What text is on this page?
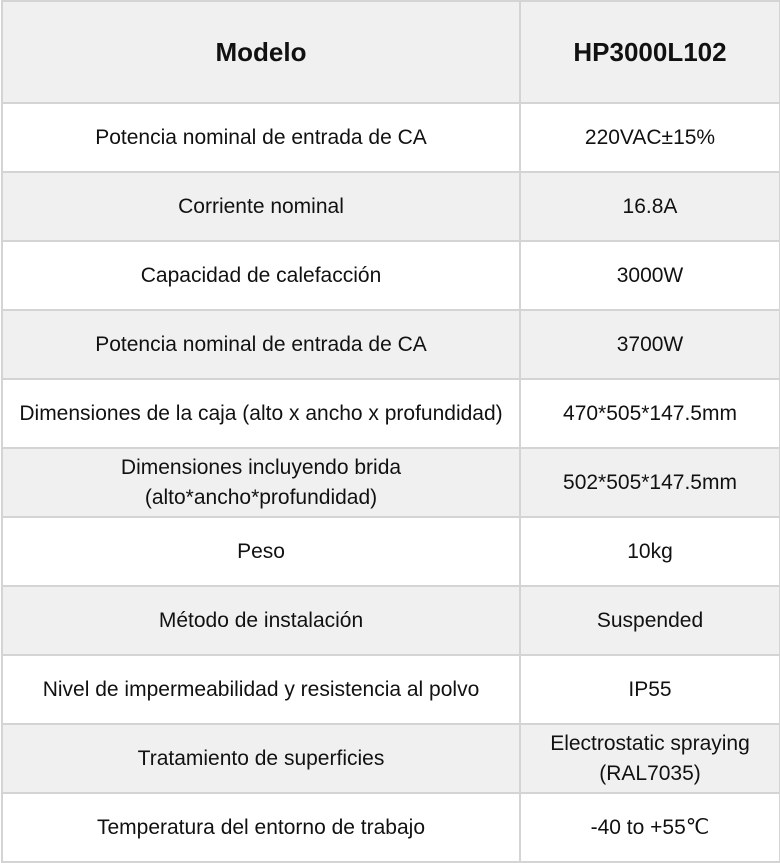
Modelo	HP3000L102
Potencia nominal de entrada de CA	220VAC±15%
Corriente nominal	16.8A
Capacidad de calefacción	3000W
Potencia nominal de entrada de CA	3700W
Dimensiones de la caja (alto x ancho x profundidad)	470*505*147.5mm
Dimensiones incluyendo brida (alto*ancho*profundidad)	502*505*147.5mm
Peso	10kg
Método de instalación	Suspended
Nivel de impermeabilidad y resistencia al polvo	IP55
Tratamiento de superficies	Electrostatic spraying (RAL7035)
Temperatura del entorno de trabajo	-40 to +55℃
